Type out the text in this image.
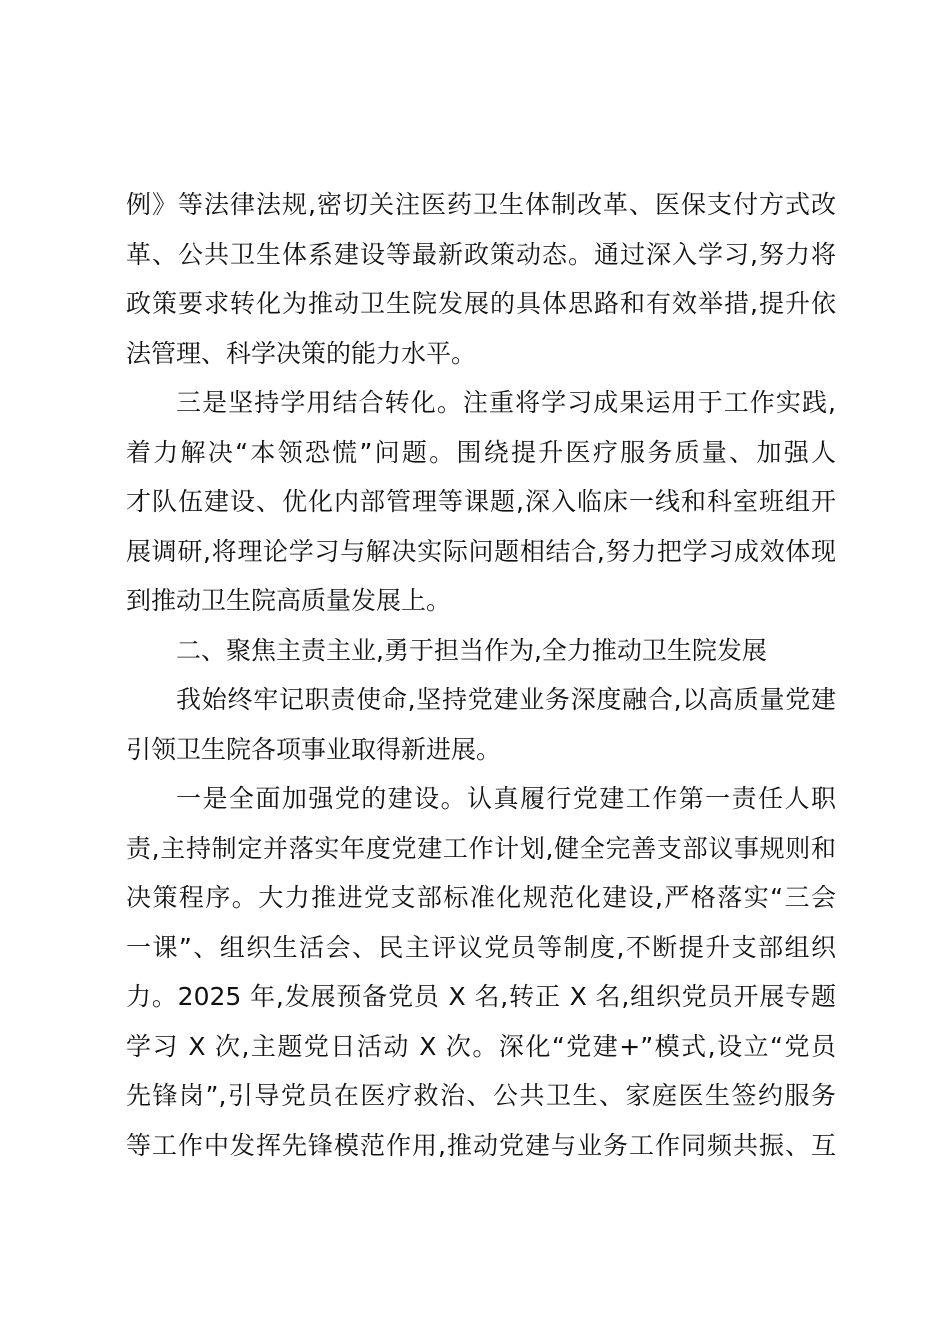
例》等法律法规,密切关注医药卫生体制改革、医保支付方式改
革、公共卫生体系建设等最新政策动态。通过深入学习,努力将
政策要求转化为推动卫生院发展的具体思路和有效举措,提升依
法管理、科学决策的能力水平。
三是坚持学用结合转化。注重将学习成果运用于工作实践,
着力解决“本领恐慌”问题。围绕提升医疗服务质量、加强人
才队伍建设、优化内部管理等课题,深入临床一线和科室班组开
展调研,将理论学习与解决实际问题相结合,努力把学习成效体现
到推动卫生院高质量发展上。
二、聚焦主责主业,勇于担当作为,全力推动卫生院发展
我始终牢记职责使命,坚持党建业务深度融合,以高质量党建
引领卫生院各项事业取得新进展。
一是全面加强党的建设。认真履行党建工作第一责任人职
责,主持制定并落实年度党建工作计划,健全完善支部议事规则和
决策程序。大力推进党支部标准化规范化建设,严格落实“三会
一课”、组织生活会、民主评议党员等制度,不断提升支部组织
力。2025 年,发展预备党员 X 名,转正 X 名,组织党员开展专题
学习 X 次,主题党日活动 X 次。深化“党建+”模式,设立“党员
先锋岗”,引导党员在医疗救治、公共卫生、家庭医生签约服务
等工作中发挥先锋模范作用,推动党建与业务工作同频共振、互
